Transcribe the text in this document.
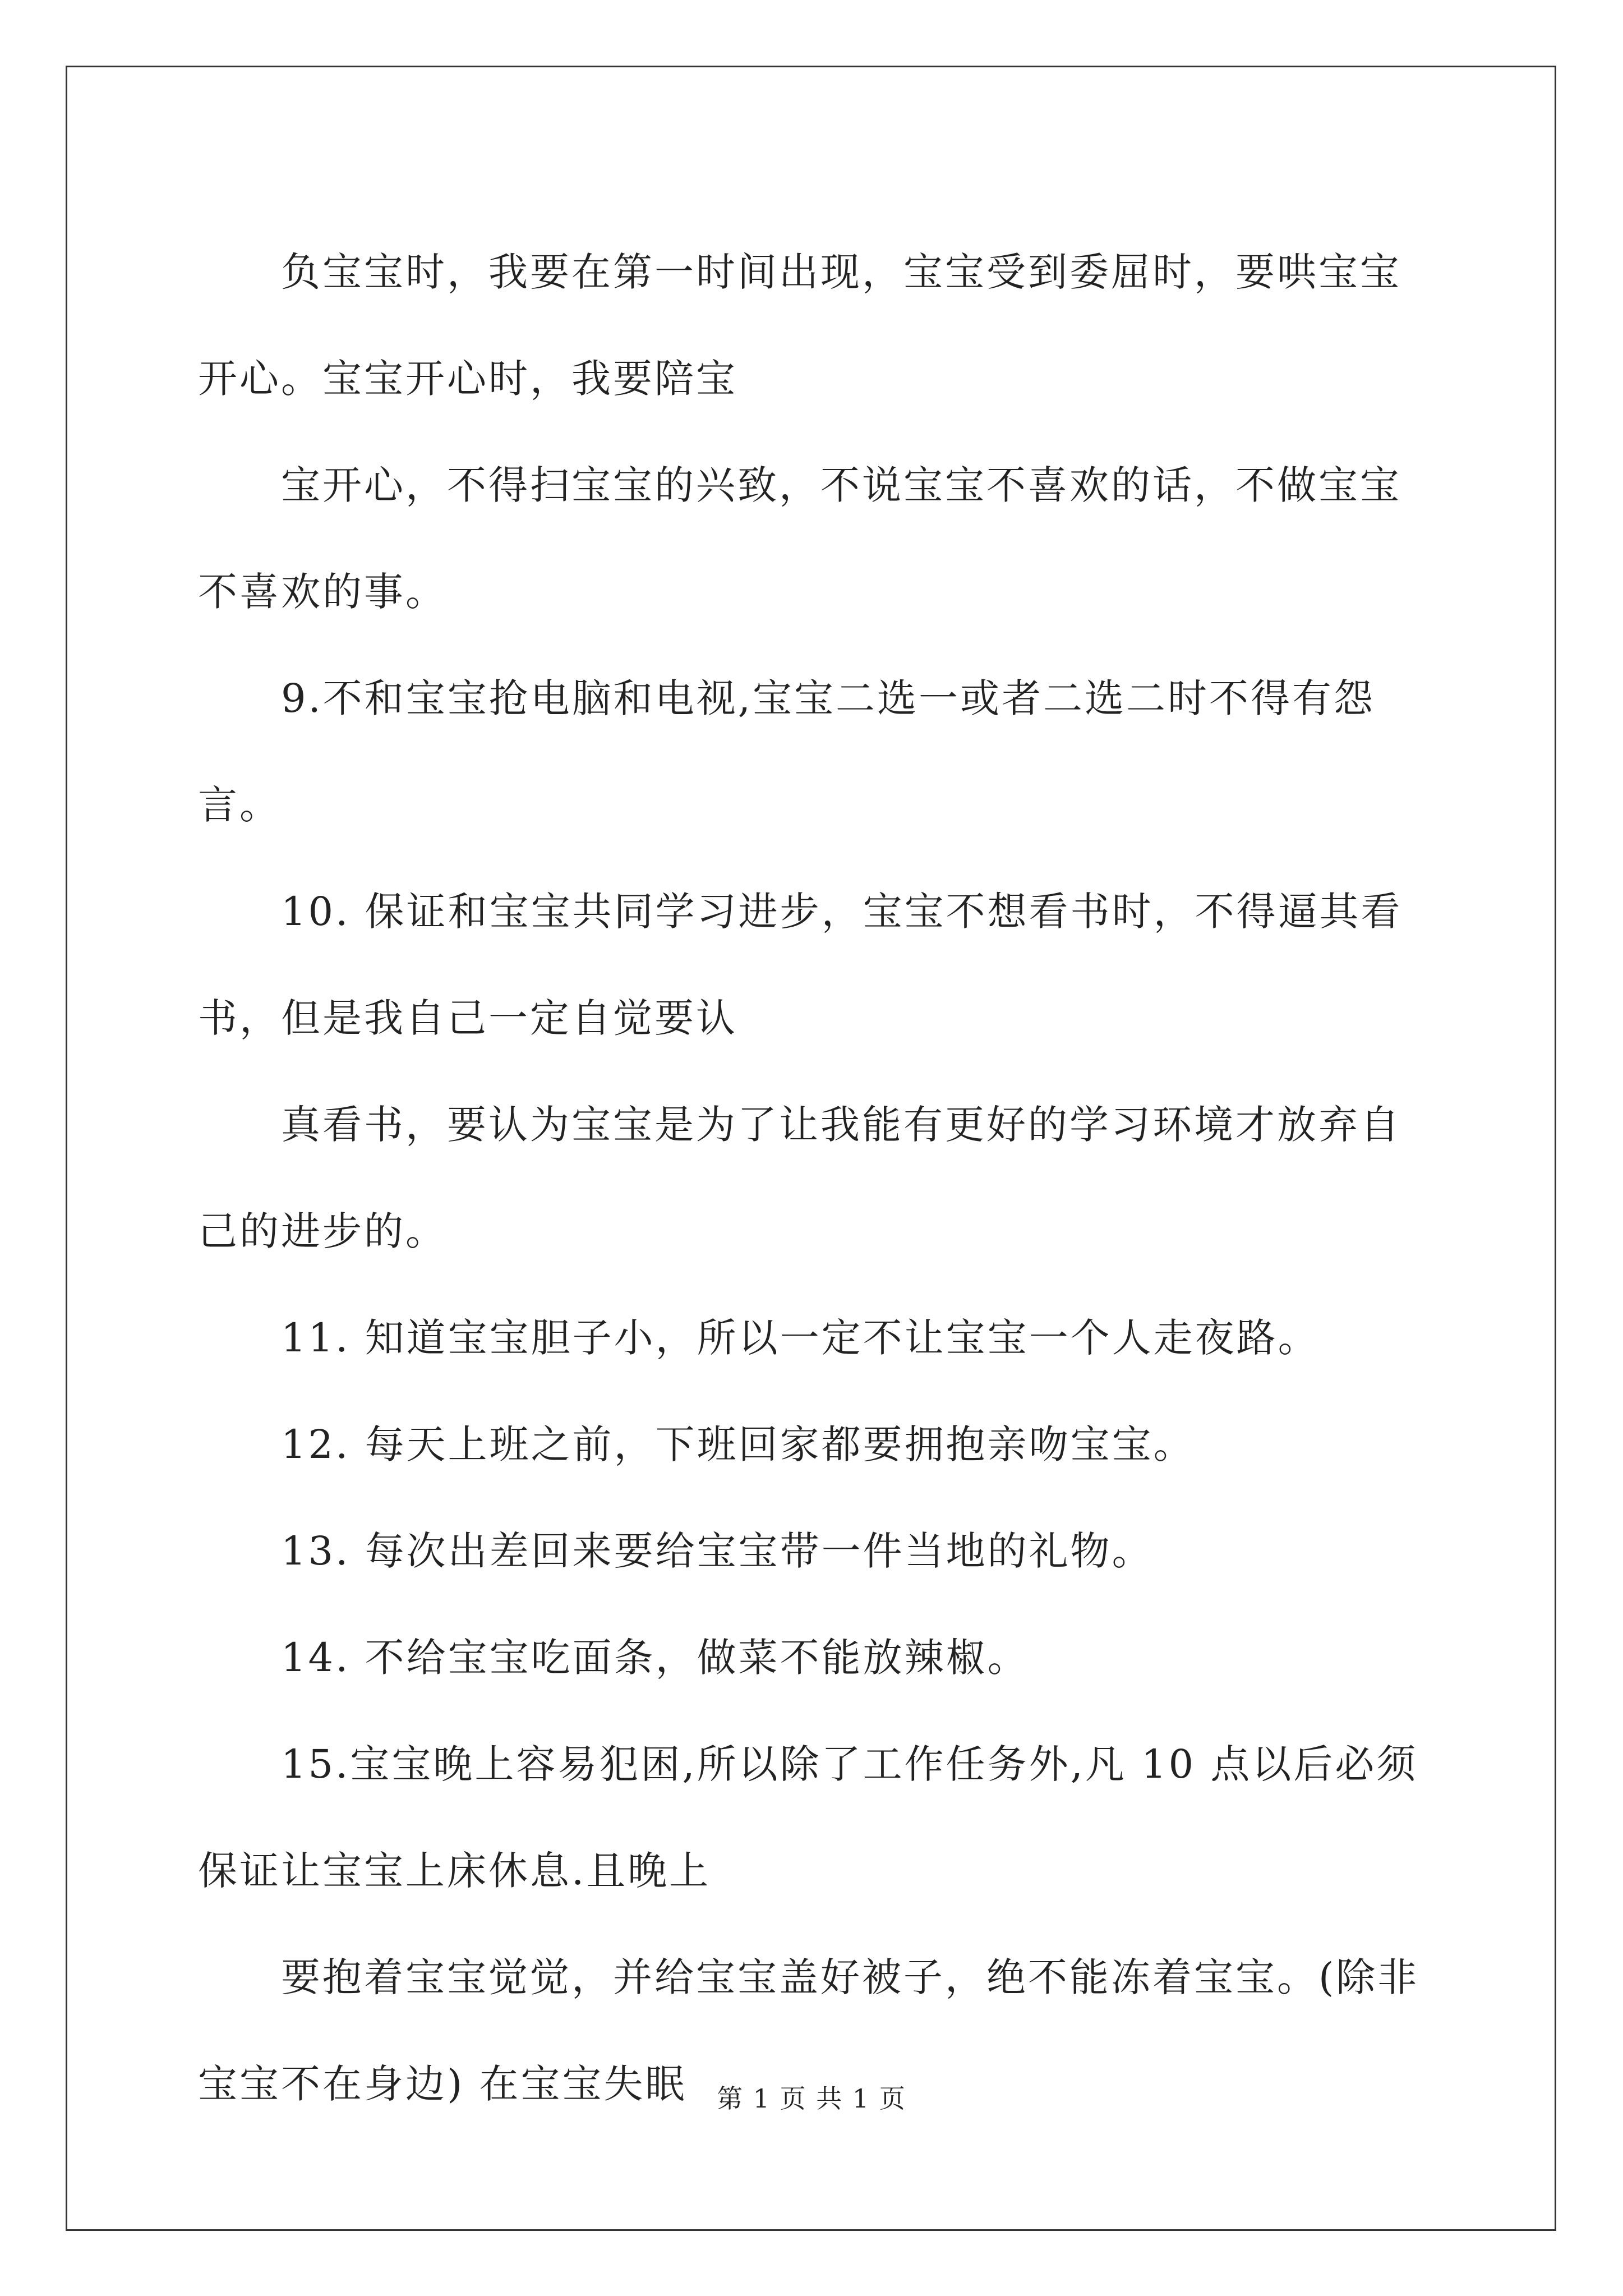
负宝宝时，我要在第一时间出现，宝宝受到委屈时，要哄宝宝开心。宝宝开心时，我要陪宝

宝开心，不得扫宝宝的兴致，不说宝宝不喜欢的话，不做宝宝不喜欢的事。

9.不和宝宝抢电脑和电视,宝宝二选一或者二选二时不得有怨言。

10. 保证和宝宝共同学习进步，宝宝不想看书时，不得逼其看书，但是我自己一定自觉要认

真看书，要认为宝宝是为了让我能有更好的学习环境才放弃自己的进步的。

11. 知道宝宝胆子小，所以一定不让宝宝一个人走夜路。

12. 每天上班之前，下班回家都要拥抱亲吻宝宝。

13. 每次出差回来要给宝宝带一件当地的礼物。

14. 不给宝宝吃面条，做菜不能放辣椒。

15.宝宝晚上容易犯困,所以除了工作任务外,凡 10 点以后必须保证让宝宝上床休息.且晚上

要抱着宝宝觉觉，并给宝宝盖好被子，绝不能冻着宝宝。(除非宝宝不在身边) 在宝宝失眠	第 1 页 共 1 页
